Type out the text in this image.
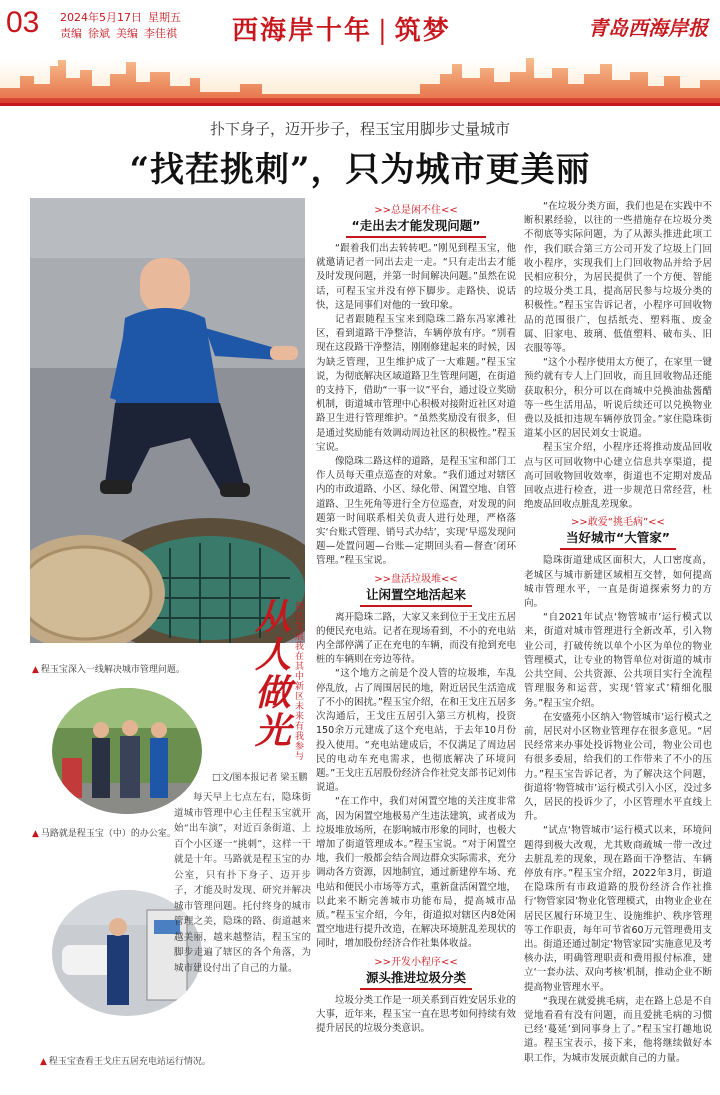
03 2024年5月17日 星期五
责编 徐斌 美编 李佳祺	西海岸十年 | 筑梦	青岛西海岸报
扑下身子，迈开步子，程玉宝用脚步丈量城市
“找茬挑刺”，只为城市更美丽
▲ 程玉宝深入一线解决城市管理问题。
▲ 马路就是程玉宝（中）的办公室。
▲ 程玉宝查看王戈庄五居充电站运行情况。
从人做光
新区发展我在其中 新区未来有我参与
□文/图本报记者 梁玉鹏
每天早上七点左右，隐珠街道城市管理中心主任程玉宝就开始“出车演”，对近百条街道、上百个小区逐一“挑刺”，这样一干就是十年。马路就是程玉宝的办公室，只有扑下身子、迈开步子，才能及时发现、研究并解决城市管理问题。托付终身的城市管理之美，隐珠的路、街道越来越美丽，越来越整洁，程玉宝的脚步走遍了辖区的各个角落，为城市建设付出了自己的力量。
>>总是闲不住<<
“走出去才能发现问题”

“跟着我们出去转转吧。”刚见到程玉宝，他就邀请记者一同出去走一走。“只有走出去才能及时发现问题，并第一时间解决问题。”虽然在说话，可程玉宝并没有停下脚步。走路快、说话快，这是同事们对他的一致印象。

记者跟随程玉宝来到隐珠二路东冯家滩社区，看到道路干净整洁，车辆停放有序。“别看现在这段路干净整洁，刚刚修建起来的时候，因为缺乏管理，卫生维护成了一大难题。”程玉宝说，为彻底解决区域道路卫生管理问题，在街道的支持下，借助“一事一议”平台，通过设立奖励机制，街道城市管理中心积极对接附近社区对道路卫生进行管理维护。“虽然奖励没有很多，但是通过奖励能有效调动周边社区的积极性。”程玉宝说。

像隐珠二路这样的道路，是程玉宝和部门工作人员每天重点巡查的对象。“我们通过对辖区内的市政道路、小区、绿化带、闲置空地、自管道路、卫生死角等进行全方位巡查，对发现的问题第一时间联系相关负责人进行处理，严格落实‘台账式管理、销号式办结’，实现‘早巡发现问题—处置问题—台账—定期回头看—督查’闭环管理。”程玉宝说。

>>盘活垃圾堆<<
让闲置空地活起来

离开隐珠二路，大家又来到位于王戈庄五居的便民充电站。记者在现场看到，不小的充电站内全部停满了正在充电的车辆，而没有抢到充电桩的车辆则在旁边等待。

“这个地方之前是个没人管的垃圾堆，车乱停乱放，占了周围居民的地，附近居民生活造成了不小的困扰。”程玉宝介绍，在和王戈庄五居多次沟通后，王戈庄五居引入第三方机构，投资150余万元建成了这个充电站，于去年10月份投入使用。“充电站建成后，不仅满足了周边居民的电动车充电需求，也彻底解决了环境问题。”王戈庄五居股份经济合作社党支部书记刘伟说道。

“在工作中，我们对闲置空地的关注度非常高，因为闲置空地极易产生违法建筑，或者成为垃圾堆放场所，在影响城市形象的同时，也极大增加了街道管理成本。”程玉宝说。“对于闲置空地，我们一般都会结合周边群众实际需求，充分调动各方资源，因地制宜，通过新建停车场、充电站和便民小市场等方式，重新盘活闲置空地，以此来不断完善城市功能布局，提高城市品质。”程玉宝介绍，今年，街道拟对辖区内8处闲置空地进行提升改造，在解决环境脏乱差现状的同时，增加股份经济合作社集体收益。

>>开发小程序<<
源头推进垃圾分类

垃圾分类工作是一项关系到百姓安居乐业的大事，近年来，程玉宝一直在思考如何持续有效提升居民的垃圾分类意识。

“在垃圾分类方面，我们也是在实践中不断积累经验，以往的一些措施存在垃圾分类不彻底等实际问题，为了从源头推进此项工作，我们联合第三方公司开发了垃圾上门回收小程序，实现我们上门回收物品并给予居民相应积分，为居民提供了一个方便、智能的垃圾分类工具，提高居民参与垃圾分类的积极性。”程玉宝告诉记者，小程序可回收物品的范围很广，包括纸壳、塑料瓶、废金属、旧家电、玻璃、低值塑料、破布头、旧衣服等等。

“这个小程序使用太方便了，在家里一键预约就有专人上门回收，而且回收物品还能获取积分，积分可以在商城中兑换油盐酱醋等一些生活用品，听说后续还可以兑换物业费以及抵扣违规车辆停放罚金。”家住隐珠街道某小区的居民刘女士说道。

程玉宝介绍，小程序还将推动废品回收点与区可回收物中心建立信息共享渠道，提高可回收物回收效率，街道也不定期对废品回收点进行检查，进一步规范日常经营，杜绝废品回收点脏乱差现象。

>>敢爱“挑毛病”<<
当好城市“大管家”

隐珠街道建成区面积大，人口密度高，老城区与城市新建区域相互交替，如何提高城市管理水平，一直是街道探索努力的方向。

“自2021年试点‘物管城市’运行模式以来，街道对城市管理进行全新改革，引入物业公司，打破传统以单个小区为单位的物业管理模式，让专业的物管单位对街道的城市公共空间、公共资源、公共项目实行全流程管理服务和运营，实现‘管家式’精细化服务。”程玉宝介绍。

在安盛苑小区纳入‘物管城市’运行模式之前，居民对小区物业管理存在很多意见。“居民经常来办事处投诉物业公司，物业公司也有很多委屈，给我们的工作带来了不小的压力。”程玉宝告诉记者，为了解决这个问题，街道将‘物管城市’运行模式引入小区，没过多久，居民的投诉少了，小区管理水平直线上升。

“试点‘物管城市’运行模式以来，环境问题得到极大改观，尤其败商疏城一带一改过去脏乱差的现象，现在路面干净整洁、车辆停放有序。”程玉宝介绍，2022年3月，街道在隐珠所有市政道路的股份经济合作社推行‘物管家园’物业化管理模式，由物业企业在居民区履行环境卫生、设施维护、秩序管理等工作职责，每年可节省60万元管理费用支出。街道还通过制定‘物管家园’实施意见及考核办法，明确管理职责和费用报付标准，建立‘一套办法、双向考核’机制，推动企业不断提高物业管理水平。

“我现在就爱挑毛病，走在路上总是不自觉地看看有没有问题，而且爱挑毛病的习惯已经‘蔓延’到同事身上了。”程玉宝打趣地说道。程玉宝表示，接下来，他将继续做好本职工作，为城市发展贡献自己的力量。
